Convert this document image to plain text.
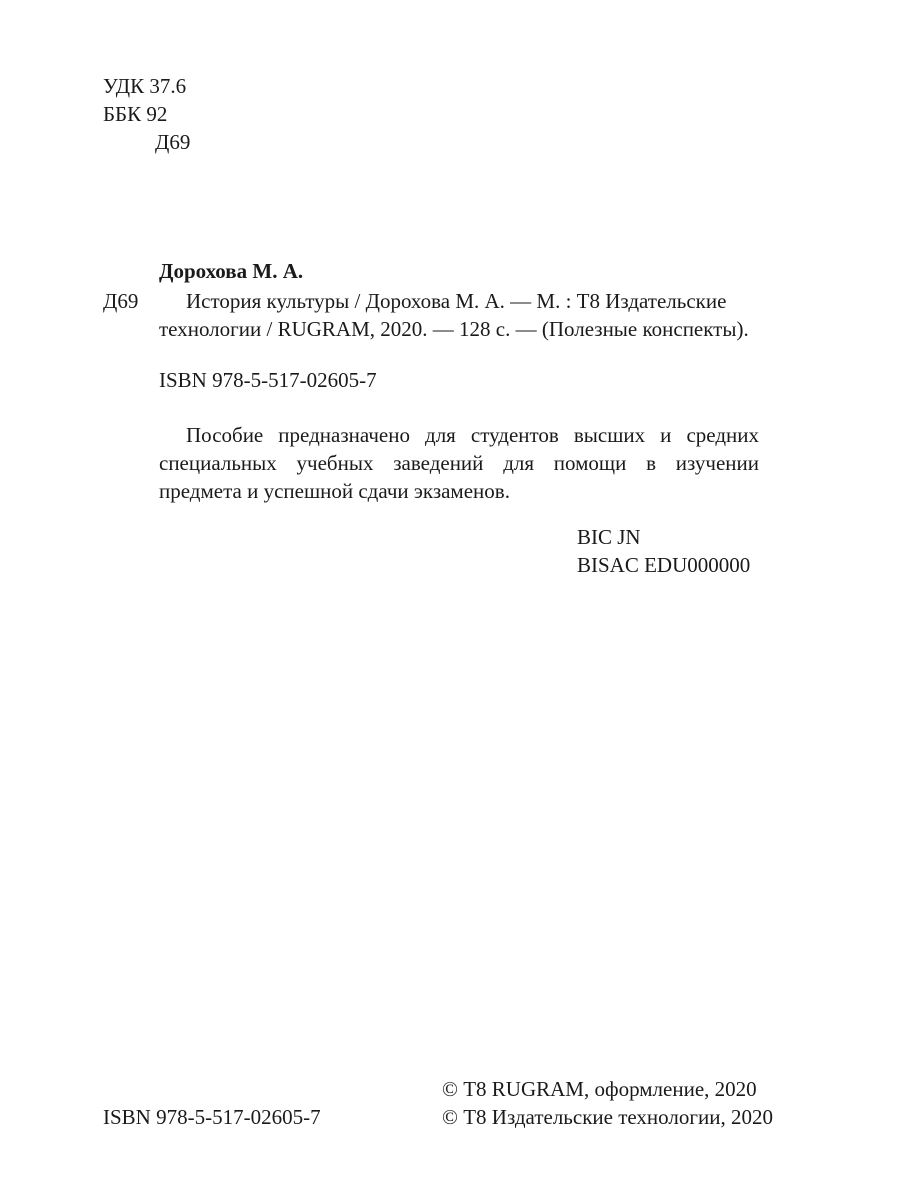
УДК 37.6

ББК 92

Д69

Дорохова М. А.

Д69 История культуры / Дорохова М. А. — М. : Т8 Издательские

технологии / RUGRAM, 2020. — 128 с. — (Полезные конспекты).

ISBN 978-5-517-02605-7

Пособие предназначено для студентов высших и средних специальных учебных заведений для помощи в изучении предмета и успешной сдачи экзаменов.

BIC JN

BISAC EDU000000

ISBN 978-5-517-02605-7

© Т8 RUGRAM, оформление, 2020

© Т8 Издательские технологии, 2020
